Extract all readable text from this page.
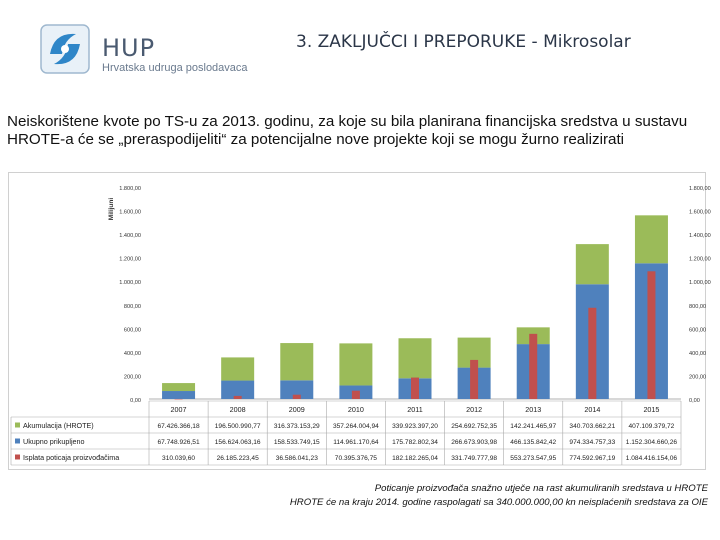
HUP
Hrvatska udruga poslodavaca
3. ZAKLJUČCI I PREPORUKE - Mikrosolar
Neiskorištene kvote po TS-u za 2013. godinu, za koje su bila planirana financijska sredstva u sustavu HROTE-a će se „preraspodijeliti“ za potencijalne nove projekte koji se mogu žurno realizirati
1.800,00
1.600,00
1.400,00
1.200,00
1.000,00
800,00
600,00
400,00
200,00
0,00
1.800,00
1.600,00
1.400,00
1.200,00
1.000,00
800,00
600,00
400,00
200,00
0,00
Milijuni
2007	2008	2009	2010	2011	2012	2013	2014	2015
Akumulacija (HROTE)	67.426.366,18 196.500.990,77 316.373.153,29 357.264.004,94 339.923.397,20 254.692.752,35 142.241.465,97 340.703.662,21 407.109.379,72
Ukupno prikupljeno	67.748.926,51 156.624.063,16 158.533.749,15 114.961.170,64 175.782.802,34 266.673.903,98 466.135.842,42 974.334.757,33 1.152.304.660,26
Isplata poticaja proizvođačima	310.039,60	26.185.223,45	36.586.041,23	70.395.376,75 182.182.265,04 331.749.777,98 553.273.547,95 774.592.967,19 1.084.416.154,06
Poticanje proizvođača snažno utječe na rast akumuliranih sredstava u HROTE
HROTE će na kraju 2014. godine raspolagati sa 340.000.000,00 kn neisplaćenih sredstava za OIE
